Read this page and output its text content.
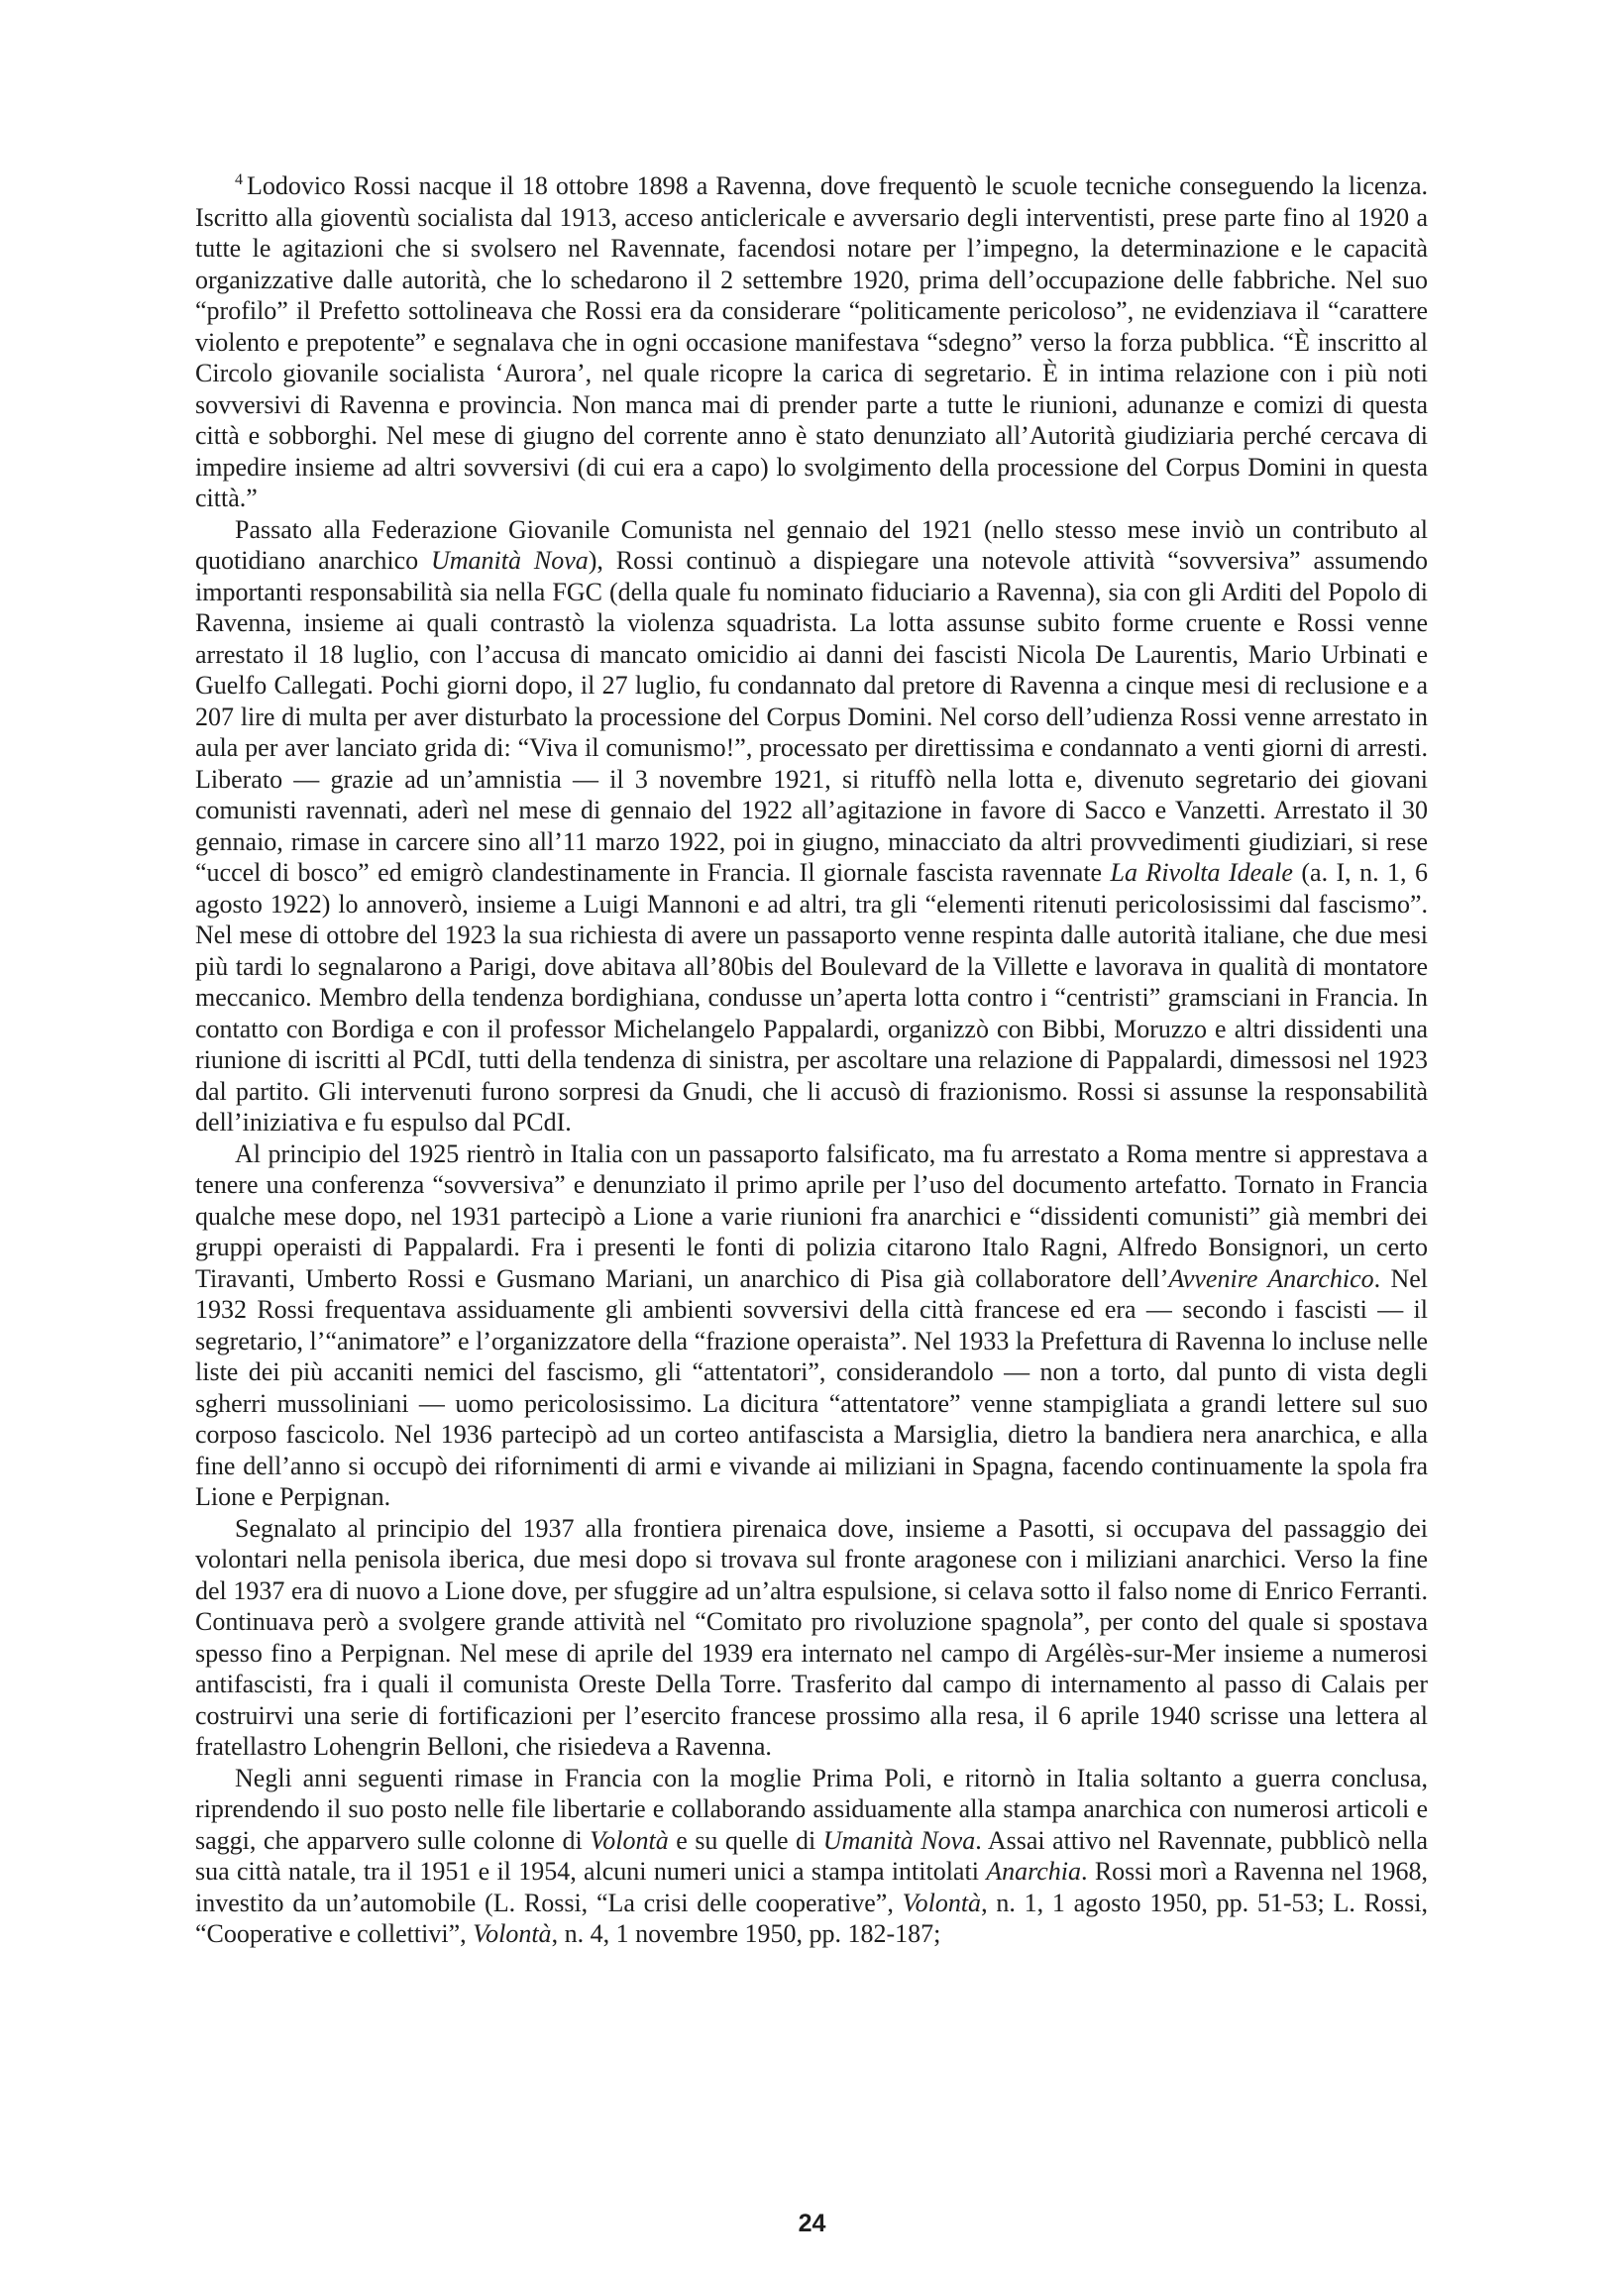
$^4$ Lodovico Rossi nacque il 18 ottobre 1898 a Ravenna, dove frequentò le scuole tecniche conseguendo la licenza. Iscritto alla gioventù socialista dal 1913, acceso anticlericale e avversario degli interventisti, prese parte fino al 1920 a tutte le agitazioni che si svolsero nel Ravennate, facendosi notare per l’impegno, la determinazione e le capacità organizzative dalle autorità, che lo schedarono il 2 settembre 1920, prima dell’occupazione delle fabbriche. Nel suo “profilo” il Prefetto sottolineava che Rossi era da considerare “politicamente pericoloso”, ne evidenziava il “carattere violento e prepotente” e segnalava che in ogni occasione manifestava “sdegno” verso la forza pubblica. “È inscritto al Circolo giovanile socialista ‘Aurora’, nel quale ricopre la carica di segretario. È in intima relazione con i più noti sovversivi di Ravenna e provincia. Non manca mai di prender parte a tutte le riunioni, adunanze e comizi di questa città e sobborghi. Nel mese di giugno del corrente anno è stato denunziato all’Autorità giudiziaria perché cercava di impedire insieme ad altri sovversivi (di cui era a capo) lo svolgimento della processione del Corpus Domini in questa città.”

Passato alla Federazione Giovanile Comunista nel gennaio del 1921 (nello stesso mese inviò un contributo al quotidiano anarchico Umanità Nova), Rossi continuò a dispiegare una notevole attività “sovversiva” assumendo importanti responsabilità sia nella FGC (della quale fu nominato fiduciario a Ravenna), sia con gli Arditi del Popolo di Ravenna, insieme ai quali contrastò la violenza squadrista. La lotta assunse subito forme cruente e Rossi venne arrestato il 18 luglio, con l’accusa di mancato omicidio ai danni dei fascisti Nicola De Laurentis, Mario Urbinati e Guelfo Callegati. Pochi giorni dopo, il 27 luglio, fu condannato dal pretore di Ravenna a cinque mesi di reclusione e a 207 lire di multa per aver disturbato la processione del Corpus Domini. Nel corso dell’udienza Rossi venne arrestato in aula per aver lanciato grida di: “Viva il comunismo!”, processato per direttissima e condannato a venti giorni di arresti. Liberato — grazie ad un’amnistia — il 3 novembre 1921, si rituffò nella lotta e, divenuto segretario dei giovani comunisti ravennati, aderì nel mese di gennaio del 1922 all’agitazione in favore di Sacco e Vanzetti. Arrestato il 30 gennaio, rimase in carcere sino all’11 marzo 1922, poi in giugno, minacciato da altri provvedimenti giudiziari, si rese “uccel di bosco” ed emigrò clandestinamente in Francia. Il giornale fascista ravennate La Rivolta Ideale (a. I, n. 1, 6 agosto 1922) lo annoverò, insieme a Luigi Mannoni e ad altri, tra gli “elementi ritenuti pericolosissimi dal fascismo”. Nel mese di ottobre del 1923 la sua richiesta di avere un passaporto venne respinta dalle autorità italiane, che due mesi più tardi lo segnalarono a Parigi, dove abitava all’80bis del Boulevard de la Villette e lavorava in qualità di montatore meccanico. Membro della tendenza bordighiana, condusse un’aperta lotta contro i “centristi” gramsciani in Francia. In contatto con Bordiga e con il professor Michelangelo Pappalardi, organizzò con Bibbi, Moruzzo e altri dissidenti una riunione di iscritti al PCdI, tutti della tendenza di sinistra, per ascoltare una relazione di Pappalardi, dimessosi nel 1923 dal partito. Gli intervenuti furono sorpresi da Gnudi, che li accusò di frazionismo. Rossi si assunse la responsabilità dell’iniziativa e fu espulso dal PCdI.

Al principio del 1925 rientrò in Italia con un passaporto falsificato, ma fu arrestato a Roma mentre si apprestava a tenere una conferenza “sovversiva” e denunziato il primo aprile per l’uso del documento artefatto. Tornato in Francia qualche mese dopo, nel 1931 partecipò a Lione a varie riunioni fra anarchici e “dissidenti comunisti” già membri dei gruppi operaisti di Pappalardi. Fra i presenti le fonti di polizia citarono Italo Ragni, Alfredo Bonsignori, un certo Tiravanti, Umberto Rossi e Gusmano Mariani, un anarchico di Pisa già collaboratore dell’Avvenire Anarchico. Nel 1932 Rossi frequentava assiduamente gli ambienti sovversivi della città francese ed era — secondo i fascisti — il segretario, l’“animatore” e l’organizzatore della “frazione operaista”. Nel 1933 la Prefettura di Ravenna lo incluse nelle liste dei più accaniti nemici del fascismo, gli “attentatori”, considerandolo — non a torto, dal punto di vista degli sgherri mussoliniani — uomo pericolosissimo. La dicitura “attentatore” venne stampigliata a grandi lettere sul suo corposo fascicolo. Nel 1936 partecipò ad un corteo antifascista a Marsiglia, dietro la bandiera nera anarchica, e alla fine dell’anno si occupò dei rifornimenti di armi e vivande ai miliziani in Spagna, facendo continuamente la spola fra Lione e Perpignan.

Segnalato al principio del 1937 alla frontiera pirenaica dove, insieme a Pasotti, si occupava del passaggio dei volontari nella penisola iberica, due mesi dopo si trovava sul fronte aragonese con i miliziani anarchici. Verso la fine del 1937 era di nuovo a Lione dove, per sfuggire ad un’altra espulsione, si celava sotto il falso nome di Enrico Ferranti. Continuava però a svolgere grande attività nel “Comitato pro rivoluzione spagnola”, per conto del quale si spostava spesso fino a Perpignan. Nel mese di aprile del 1939 era internato nel campo di Argélès-sur-Mer insieme a numerosi antifascisti, fra i quali il comunista Oreste Della Torre. Trasferito dal campo di internamento al passo di Calais per costruirvi una serie di fortificazioni per l’esercito francese prossimo alla resa, il 6 aprile 1940 scrisse una lettera al fratellastro Lohengrin Belloni, che risiedeva a Ravenna.

Negli anni seguenti rimase in Francia con la moglie Prima Poli, e ritornò in Italia soltanto a guerra conclusa, riprendendo il suo posto nelle file libertarie e collaborando assiduamente alla stampa anarchica con numerosi articoli e saggi, che apparvero sulle colonne di Volontà e su quelle di Umanità Nova. Assai attivo nel Ravennate, pubblicò nella sua città natale, tra il 1951 e il 1954, alcuni numeri unici a stampa intitolati Anarchia. Rossi morì a Ravenna nel 1968, investito da un’automobile (L. Rossi, “La crisi delle cooperative”, Volontà, n. 1, 1 agosto 1950, pp. 51-53; L. Rossi, “Cooperative e collettivi”, Volontà, n. 4, 1 novembre 1950, pp. 182-187;

24
